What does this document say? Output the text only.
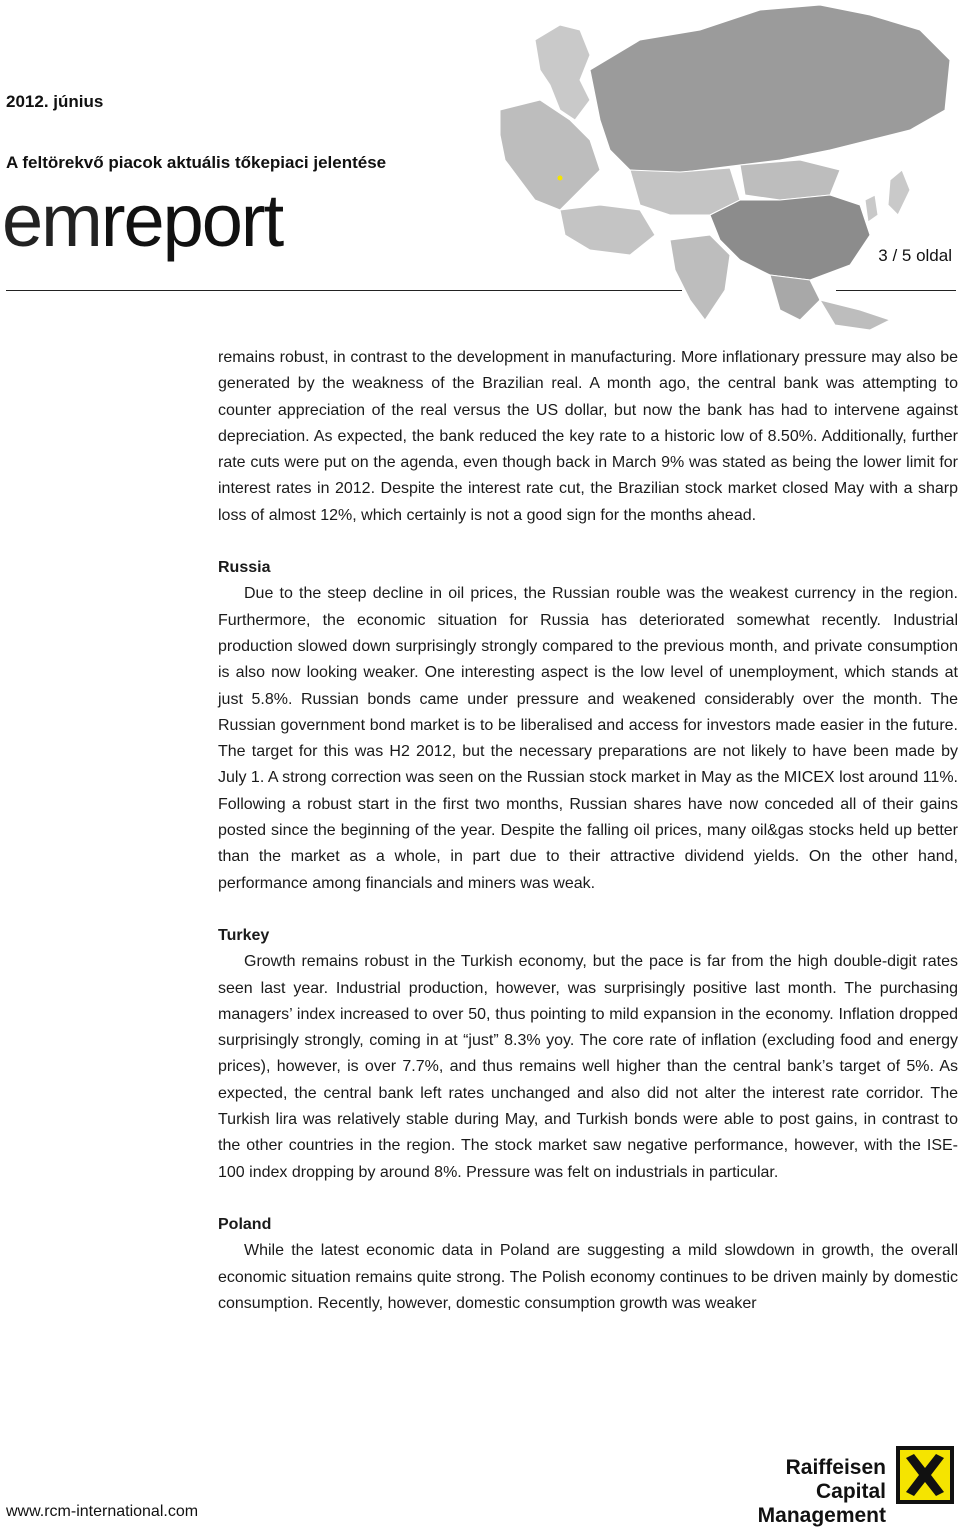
2012. június
A feltörekvő piacok aktuális tőkepiaci jelentése
emreport	3 / 5 oldal

remains robust, in contrast to the development in manufacturing. More inflationary pressure may also be generated by the weakness of the Brazilian real. A month ago, the central bank was attempting to counter appreciation of the real versus the US dollar, but now the bank has had to intervene against depreciation. As expected, the bank reduced the key rate to a historic low of 8.50%. Additionally, further rate cuts were put on the agenda, even though back in March 9% was stated as being the lower limit for interest rates in 2012. Despite the interest rate cut, the Brazilian stock market closed May with a sharp loss of almost 12%, which certainly is not a good sign for the months ahead.

Russia

Due to the steep decline in oil prices, the Russian rouble was the weakest currency in the region. Furthermore, the economic situation for Russia has deteriorated somewhat recently. Industrial production slowed down surprisingly strongly compared to the previous month, and private consumption is also now looking weaker. One interesting aspect is the low level of unemployment, which stands at just 5.8%. Russian bonds came under pressure and weakened considerably over the month. The Russian government bond market is to be liberalised and access for investors made easier in the future. The target for this was H2 2012, but the necessary preparations are not likely to have been made by July 1. A strong correction was seen on the Russian stock market in May as the MICEX lost around 11%. Following a robust start in the first two months, Russian shares have now conceded all of their gains posted since the beginning of the year. Despite the falling oil prices, many oil&gas stocks held up better than the market as a whole, in part due to their attractive dividend yields. On the other hand, performance among financials and miners was weak.

Turkey

Growth remains robust in the Turkish economy, but the pace is far from the high double-digit rates seen last year. Industrial production, however, was surprisingly positive last month. The purchasing managers’ index increased to over 50, thus pointing to mild expansion in the economy. Inflation dropped surprisingly strongly, coming in at “just” 8.3% yoy. The core rate of inflation (excluding food and energy prices), however, is over 7.7%, and thus remains well higher than the central bank’s target of 5%. As expected, the central bank left rates unchanged and also did not alter the interest rate corridor. The Turkish lira was relatively stable during May, and Turkish bonds were able to post gains, in contrast to the other countries in the region. The stock market saw negative performance, however, with the ISE-100 index dropping by around 8%. Pressure was felt on industrials in particular.

Poland

While the latest economic data in Poland are suggesting a mild slowdown in growth, the overall economic situation remains quite strong. The Polish economy continues to be driven mainly by domestic consumption. Recently, however, domestic consumption growth was weaker

www.rcm-international.com
Raiffeisen
Capital Management
